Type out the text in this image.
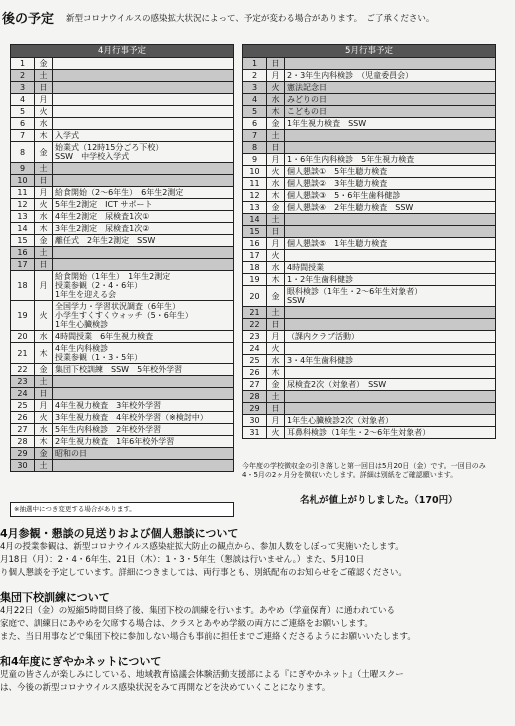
後の予定 新型コロナウイルスの感染拡大状況によって、予定が変わる場合があります。　ご了承ください。
4月行事予定		
1	金	
2	土	
3	日	
4	月	
5	火	
6	水	
7	木	入学式
8	金	始業式（12時15分ごろ下校）
SSW　中学校入学式
9	土	
10	日	
11	月	給食開始（2～6年生）　6年生2測定
12	火	5年生2測定　ICT サポート
13	水	4年生2測定　尿検査1次①
14	木	3年生2測定　尿検査1次②
15	金	離任式　2年生2測定　SSW
16	土	
17	日	
18	月	給食開始（1年生）　1年生2測定
授業参観（2・4・6年）
1年生を迎える会
19	火	全国学力・学習状況調査（6年生）
小学生すくすくウォッチ（5・6年生）
1年生心臓検診
20	水	4時間授業　6年生視力検査
21	木	4年生内科検診
授業参観（1・3・5年）
22	金	集団下校訓練　SSW　5年校外学習
23	土	
24	日	
25	月	4年生視力検査　3年校外学習
26	火	3年生視力検査　4年校外学習（※検討中）
27	水	5年生内科検診　2年校外学習
28	木	2年生視力検査　1年6年校外学習
29	金	昭和の日
30	土	
※抽選中につき変更する場合があります。
5月行事予定		
1	日	
2	月	2・3年生内科検診　（児童委員会）
3	火	憲法記念日
4	水	みどりの日
5	木	こどもの日
6	金	1年生視力検査　SSW
7	土	
8	日	
9	月	1・6年生内科検診　5年生視力検査
10	火	個人懇談①　5年生聴力検査
11	水	個人懇談②　3年生聴力検査
12	木	個人懇談③　5・6年生歯科健診
13	金	個人懇談④　2年生聴力検査　SSW
14	土	
15	日	
16	月	個人懇談⑤　1年生聴力検査
17	火	
18	水	4時間授業
19	木	1・2年生歯科健診
20	金	眼科検診（1年生・2～6年生対象者）
SSW
21	土	
22	日	
23	月	（課内クラブ活動）
24	火	
25	水	3・4年生歯科健診
26	木	
27	金	尿検査2次（対象者）　SSW
28	土	
29	日	
30	月	1年生心臓検診2次（対象者）
31	火	耳鼻科検診（1年生・2～6年生対象者）
今年度の学校徴収金の引き落しと第一回目は5月20日（金）です。一回目のみ4・5月の2ヶ月分を徴収いたします。詳細は別紙をご確認願います。
名札が値上がりしました。（170円）
4月参観・懇談の見送りおよび個人懇談について

4月の授業参観は、新型コロナウイルス感染症拡大防止の観点から、参加人数をしぼって実施いたします。

月18日（月）：2・4・6年生、21日（木）：1・3・5年生（懇談は行いません。）また、5月10日

り個人懇談を予定しています。詳細につきましては、両行事とも、別紙配布のお知らせをご確認ください。

集団下校訓練について

4月22日（金）の短縮5時間目終了後、集団下校の訓練を行います。あやめ（学童保育）に通われている

家庭で、訓練日にあやめを欠席する場合は、クラスとあやめ学級の両方にご連絡をお願いします。

また、当日用事などで集団下校に参加しない場合も事前に担任までご連絡くださるようにお願いいたします。

和4年度にぎやかネットについて

児童の皆さんが楽しみにしている、地域教育協議会体験活動支援部による『にぎやかネット』（土曜スクー

は、今後の新型コロナウイルス感染状況をみて再開などを決めていくことになります。
